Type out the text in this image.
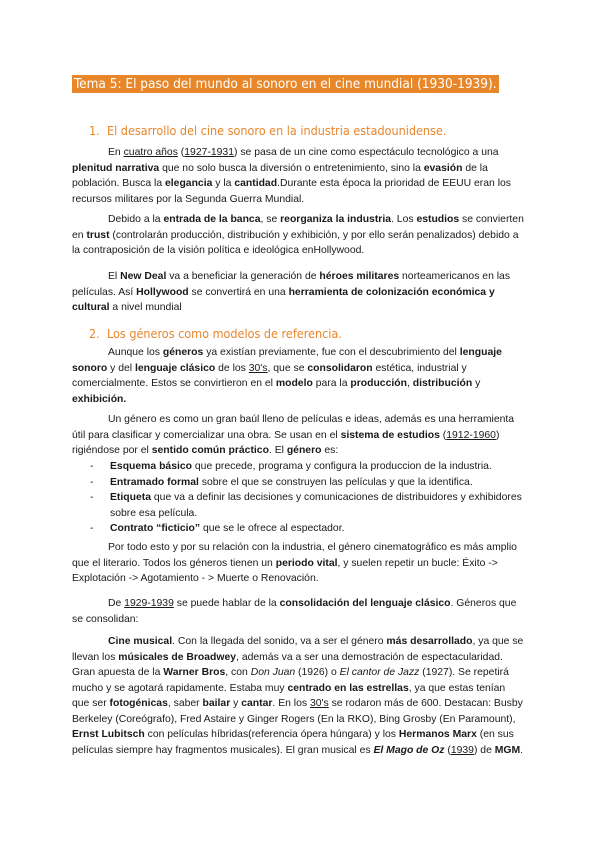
Tema 5: El paso del mundo al sonoro en el cine mundial (1930-1939).
1. El desarrollo del cine sonoro en la industria estadounidense.

En cuatro años (1927-1931) se pasa de un cine como espectáculo tecnológico a una plenitud narrativa que no solo busca la diversión o entretenimiento, sino la evasión de la población. Busca la elegancia y la cantidad.Durante esta época la prioridad de EEUU eran los recursos militares por la Segunda Guerra Mundial.

Debido a la entrada de la banca, se reorganiza la industria. Los estudios se convierten en trust (controlarán producción, distribución y exhibición, y por ello serán penalizados) debido a la contraposición de la visión política e ideológica enHollywood.

El New Deal va a beneficiar la generación de héroes militares norteamericanos en las películas. Así Hollywood se convertirá en una herramienta de colonización económica y cultural a nivel mundial

2. Los géneros como modelos de referencia.

Aunque los géneros ya existían previamente, fue con el descubrimiento del lenguaje sonoro y del lenguaje clásico de los 30's, que se consolidaron estética, industrial y comercialmente. Estos se convirtieron en el modelo para la producción, distribución y exhibición.

Un género es como un gran baúl lleno de películas e ideas, además es una herramienta útil para clasificar y comercializar una obra. Se usan en el sistema de estudios (1912-1960) rigiéndose por el sentido común práctico. El género es:

- Esquema básico que precede, programa y configura la produccion de la industria.
- Entramado formal sobre el que se construyen las películas y que la identifica.
- Etiqueta que va a definir las decisiones y comunicaciones de distribuidores y exhibidores sobre esa película.
- Contrato “ficticio” que se le ofrece al espectador.

Por todo esto y por su relación con la industria, el género cinematográfico es más amplio que el literario. Todos los géneros tienen un periodo vital, y suelen repetir un bucle: Éxito -> Explotación -> Agotamiento - > Muerte o Renovación.

De 1929-1939 se puede hablar de la consolidación del lenguaje clásico. Géneros que se consolidan:

Cine musical. Con la llegada del sonido, va a ser el género más desarrollado, ya que se llevan los músicales de Broadwey, además va a ser una demostración de espectacularidad. Gran apuesta de la Warner Bros, con Don Juan (1926) o El cantor de Jazz (1927). Se repetirá mucho y se agotará rapidamente. Estaba muy centrado en las estrellas, ya que estas tenían que ser fotogénicas, saber bailar y cantar. En los 30's se rodaron más de 600. Destacan: Busby Berkeley (Coreógrafo), Fred Astaire y Ginger Rogers (En la RKO), Bing Grosby (En Paramount), Ernst Lubitsch con películas híbridas(referencia ópera húngara) y los Hermanos Marx (en sus películas siempre hay fragmentos musicales). El gran musical es El Mago de Oz (1939) de MGM.
